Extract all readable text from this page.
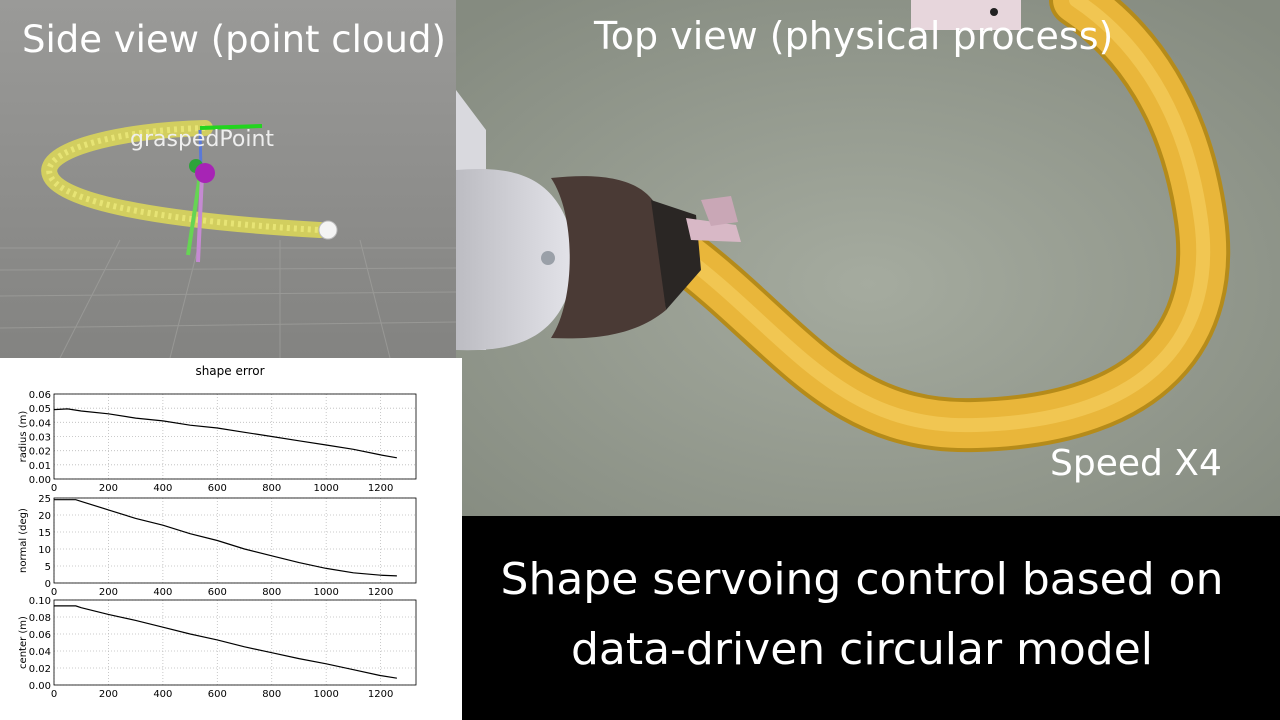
graspedPoint
Side view (point cloud)	Top view (physical process)
Speed X4
shape error
0.00
0.01
0.02
0.03
0.04
0.05
0.06
0	200	400	600	800	1000	1200
radius (m)
0
5
10
15
20
25
0	200	400	600	800	1000	1200
normal (deg)
0.00
0.02
0.04
0.06
0.08
0.10
0	200	400	600	800	1000	1200
center (m)
Shape servoing control based on
data-driven circular model
